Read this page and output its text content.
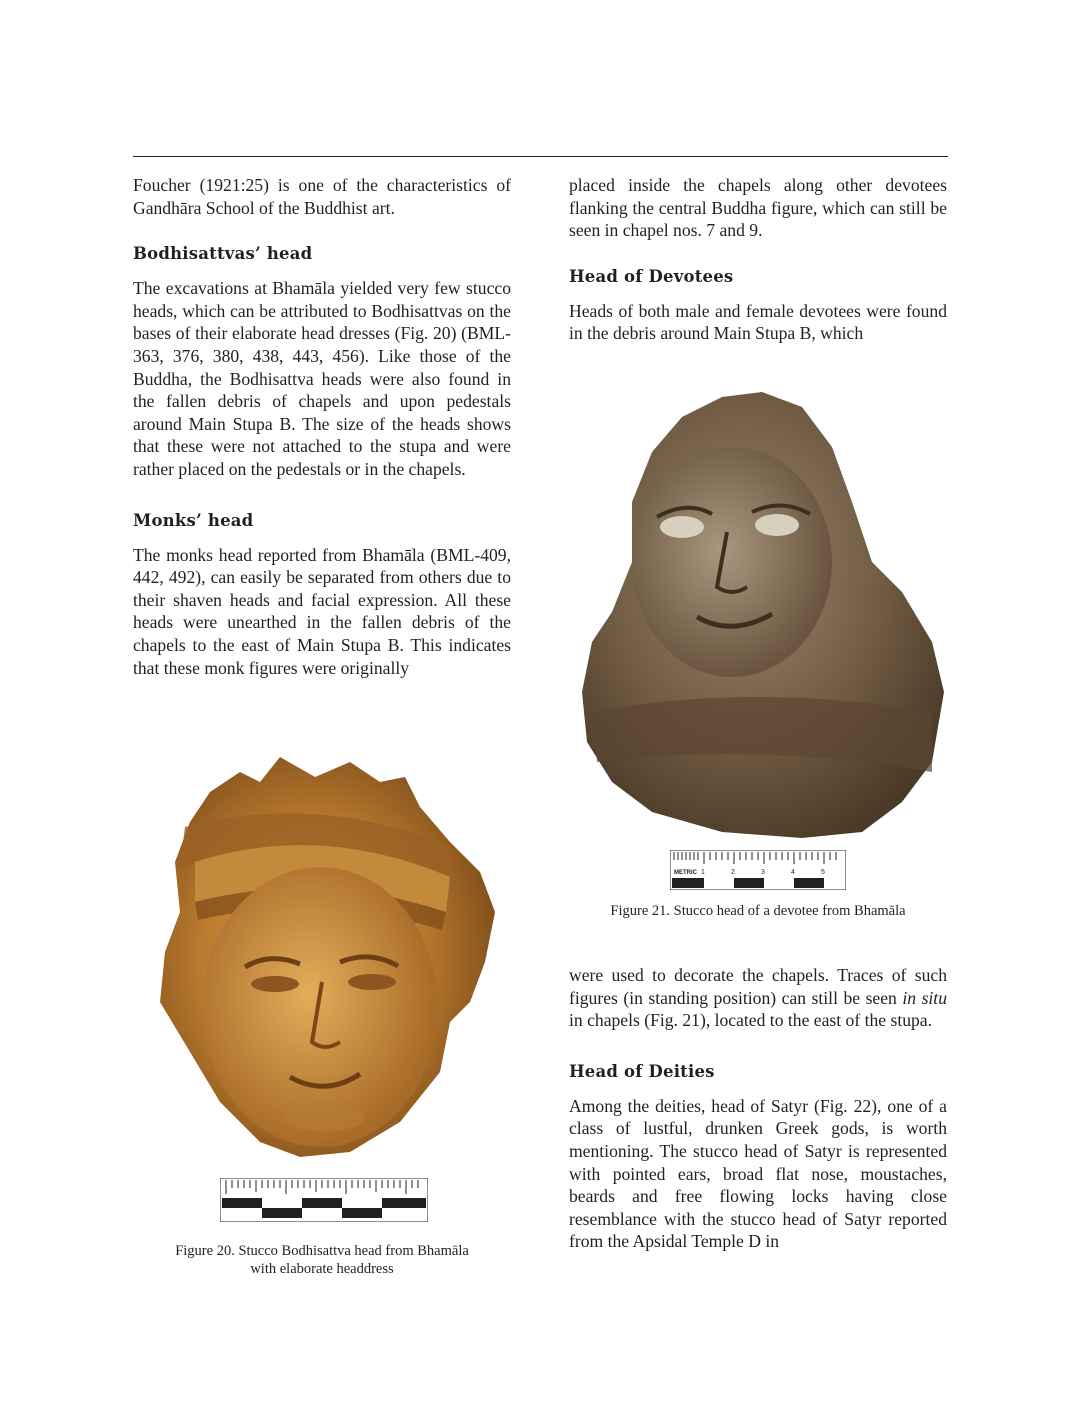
Foucher (1921:25) is one of the characteristics of Gandhāra School of the Buddhist art.

Bodhisattvas’ head

The excavations at Bhamāla yielded very few stucco heads, which can be attributed to Bodhisattvas on the bases of their elaborate head dresses (Fig. 20) (BML-363, 376, 380, 438, 443, 456). Like those of the Buddha, the Bodhisattva heads were also found in the fallen debris of chapels and upon pedestals around Main Stupa B. The size of the heads shows that these were not attached to the stupa and were rather placed on the pedestals or in the chapels.

Monks’ head

The monks head reported from Bhamāla (BML-409, 442, 492), can easily be separated from others due to their shaven heads and facial expression. All these heads were unearthed in the fallen debris of the chapels to the east of Main Stupa B. This indicates that these monk figures were originally

Figure 20. Stucco Bodhisattva head from Bhamāla
with elaborate headdress

placed inside the chapels along other devotees flanking the central Buddha figure, which can still be seen in chapel nos. 7 and 9.

Head of Devotees

Heads of both male and female devotees were found in the debris around Main Stupa B, which

METRIC 1	2	3	4	5
Figure 21. Stucco head of a devotee from Bhamāla

were used to decorate the chapels. Traces of such figures (in standing position) can still be seen in situ in chapels (Fig. 21), located to the east of the stupa.

Head of Deities

Among the deities, head of Satyr (Fig. 22), one of a class of lustful, drunken Greek gods, is worth mentioning. The stucco head of Satyr is represented with pointed ears, broad flat nose, moustaches, beards and free flowing locks having close resemblance with the stucco head of Satyr reported from the Apsidal Temple D in
